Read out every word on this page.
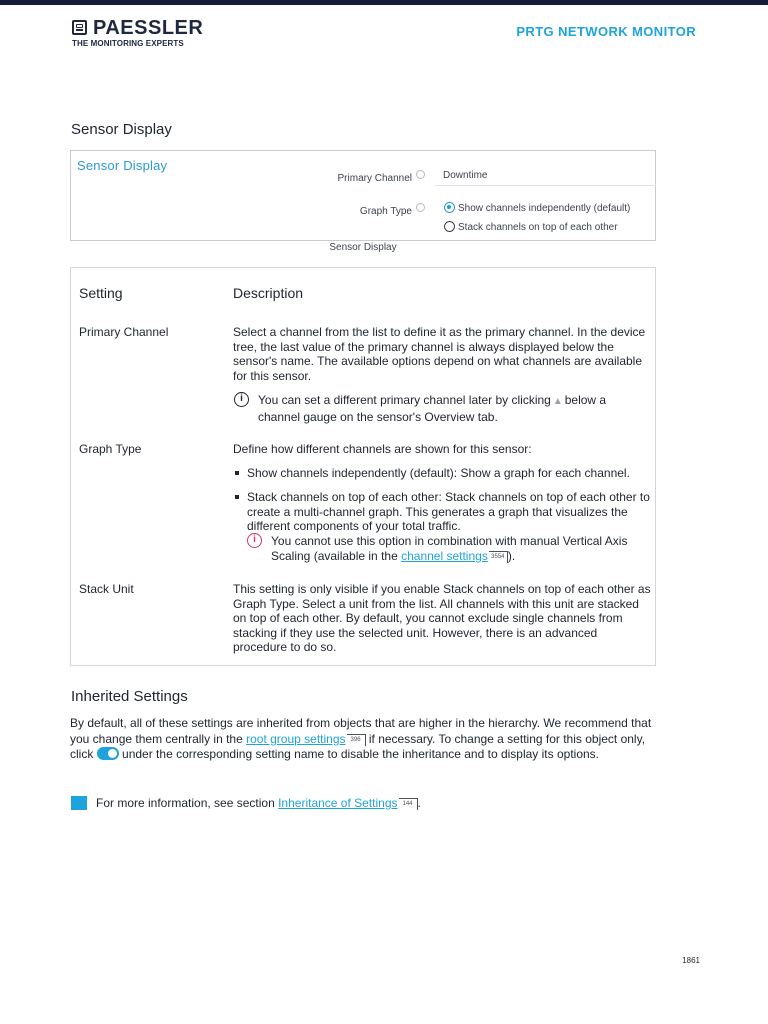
PAESSLER
THE MONITORING EXPERTS
PRTG NETWORK MONITOR
Sensor Display
Sensor Display
Primary Channel	Downtime
Graph Type	Show channels independently (default)
Stack channels on top of each other
Sensor Display
Setting	Description
Primary Channel	Select a channel from the list to define it as the primary channel. In the device tree, the last value of the primary channel is always displayed below the sensor's name. The available options depend on what channels are available for this sensor.
i	You can set a different primary channel later by clicking ▲ below a channel gauge on the sensor's Overview tab.
Graph Type	Define how different channels are shown for this sensor:
Show channels independently (default): Show a graph for each channel.
Stack channels on top of each other: Stack channels on top of each other to create a multi-channel graph. This generates a graph that visualizes the different components of your total traffic.
i	You cannot use this option in combination with manual Vertical Axis Scaling (available in the channel settings 3554 ).
Stack Unit	This setting is only visible if you enable Stack channels on top of each other as Graph Type. Select a unit from the list. All channels with this unit are stacked on top of each other. By default, you cannot exclude single channels from stacking if they use the selected unit. However, there is an advanced procedure to do so.
Inherited Settings
By default, all of these settings are inherited from objects that are higher in the hierarchy. We recommend that you change them centrally in the root group settings 396 if necessary. To change a setting for this object only, click under the corresponding setting name to disable the inheritance and to display its options.
For more information, see section Inheritance of Settings 144 .
1861
